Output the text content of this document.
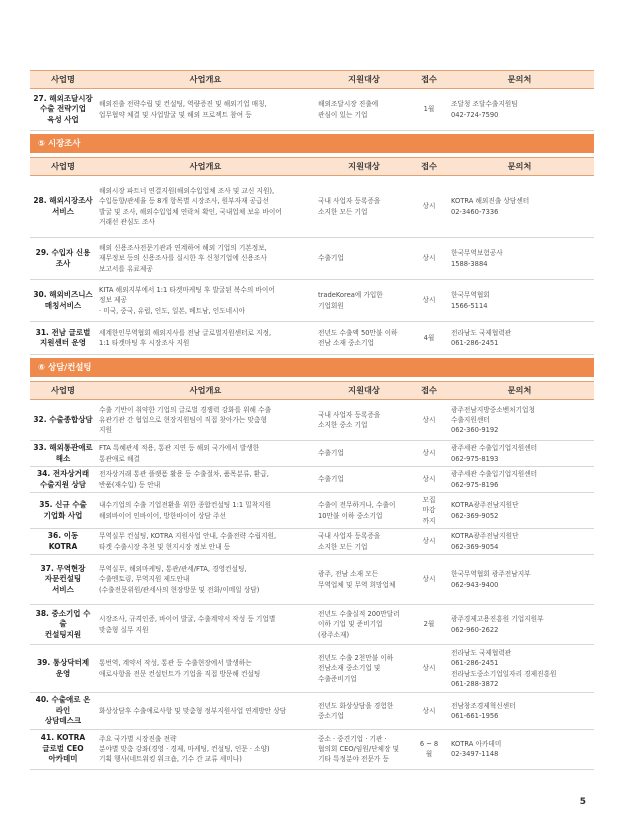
사업명	사업개요	지원대상	접수	문의처
27. 해외조달시장
수출 전략기업
육성 사업	해외진출 전략수립 및 컨설팅, 역량증진 및 해외기업 매칭,
업무협약 체결 및 사업발굴 및 해외 프로젝트 참여 등	해외조달시장 진출에
관심이 있는 기업	1월	조달청 조달수출지원팀
042-724-7590
⑤ 시장조사
사업명	사업개요	지원대상	접수	문의처
28. 해외시장조사
서비스	해외시장 파트너 연결지원(해외수입업체 조사 및 교신 지원),
수입동향/관세율 등 8개 항목별 시장조사, 원부자재 공급선
발굴 및 조사, 해외수입업체 연락처 확인, 국내업체 보유 바이어
거래선 관심도 조사	국내 사업자 등록증을
소지한 모든 기업	상시	KOTRA 해외진출 상담센터
02-3460-7336
29. 수입자 신용
조사	해외 신용조사전문기관과 연계하여 해외 기업의 기본정보,
재무정보 등의 신용조사를 실시한 후 신청기업에 신용조사
보고서를 유료제공	수출기업	상시	한국무역보험공사
1588-3884
30. 해외비즈니스
매칭서비스	KITA 해외지부에서 1:1 타겟마케팅 후 발굴된 복수의 바이어
정보 제공
· 미국, 중국, 유럽, 인도, 일본, 베트남, 인도네시아	tradeKorea에 가입한
기업회원	상시	한국무역협회
1566-5114
31. 전남 글로벌
지원센터 운영	세계한인무역협회 해외지사를 전남 글로벌지원센터로 지정,
1:1 타겟마팅 후 시장조사 지원	전년도 수출액 50만불 이하
전남 소재 중소기업	4월	전라남도 국제협력관
061-286-2451
⑥ 상담/컨설팅
사업명	사업개요	지원대상	접수	문의처
32. 수출종합상담	수출 기반이 취약한 기업의 글로벌 경쟁력 강화를 위해 수출
유관기관 간 협업으로 현장지원팀이 직접 찾아가는 맞춤형
지원	국내 사업자 등록증을
소지한 중소 기업	상시	광주전남지방중소벤처기업청
수출지원센터
062-360-9192
33. 해외통관애로
해소	FTA 특혜관세 적용, 통관 지연 등 해외 국가에서 발생한
통관애로 해결	수출기업	상시	광주세관 수출입기업지원센터
062-975-8193
34. 전자상거래
수출지원 상담	전자상거래 통관 플랫폼 활용 등 수출절차, 품목분류, 환급,
반품(재수입) 등 안내	수출기업	상시	광주세관 수출입기업지원센터
062-975-8196
35. 신규 수출
기업화 사업	내수기업의 수출 기업전환을 위한 종합컨설팅 1:1 밀착지원
해외바이어 인바이어, 방한바이어 상담 주선	수출이 전무하거나, 수출이
10만불 이하 중소기업	모집
마감
까지	KOTRA광주전남지원단
062-369-9052
36. 이동 KOTRA	무역실무 컨설팅, KOTRA 지원사업 안내, 수출전략 수립지원,
타겟 수출시장 추천 및 현지시장 정보 안내 등	국내 사업자 등록증을
소지한 모든 기업	상시	KOTRA광주전남지원단
062-369-9054
37. 무역현장
자문컨설팅
서비스	무역실무, 해외마케팅, 통관/관세/FTA, 경영컨설팅,
수출멘토링, 무역지원 제도안내
(수출전문위원/관세사의 현장방문 및 전화/이메일 상담)	광주, 전남 소재 모든
무역업체 및 무역 희망업체	상시	한국무역협회 광주전남지부
062-943-9400
38. 중소기업 수출
컨설팅지원	시장조사, 규격인증, 바이어 발굴, 수출계약서 작성 등 기업별
맞춤형 실무 지원	전년도 수출실적 200만달러
이하 기업 및 준비기업
(광주소재)	2월	광주경제고용진흥원 기업지원부
062-960-2622
39. 통상닥터제
운영	통번역, 계약서 작성, 통관 등 수출현장에서 발생하는
애로사항을 전문 컨설턴트가 기업을 직접 방문해 컨설팅	전년도 수출 2천만불 이하
전남소재 중소기업 및
수출준비기업	상시	전라남도 국제협력관
061-286-2451
전라남도중소기업일자리 경제진흥원
061-288-3872
40. 수출애로 온라인
상담데스크	화상상담후 수출애로사항 및 맞춤형 정부지원사업 연계방안 상담	전년도 화상상담을 경험한
중소기업	상시	전남창조경제혁신센터
061-661-1956
41. KOTRA
글로벌 CEO
아카데미	주요 국가별 시장진출 전략
분야별 맞춤 강좌(경영 · 경제, 마케팅, 컨설팅, 인문 · 소양)
기획 행사(네트워킹 워크숍, 기수 간 교류 세미나)	중소 · 중견기업 · 기관 ·
협의회 CEO/임원/단체장 및
기타 특정분야 전문가 등	6 ~ 8
월	KOTRA 아카데미
02-3497-1148
5
